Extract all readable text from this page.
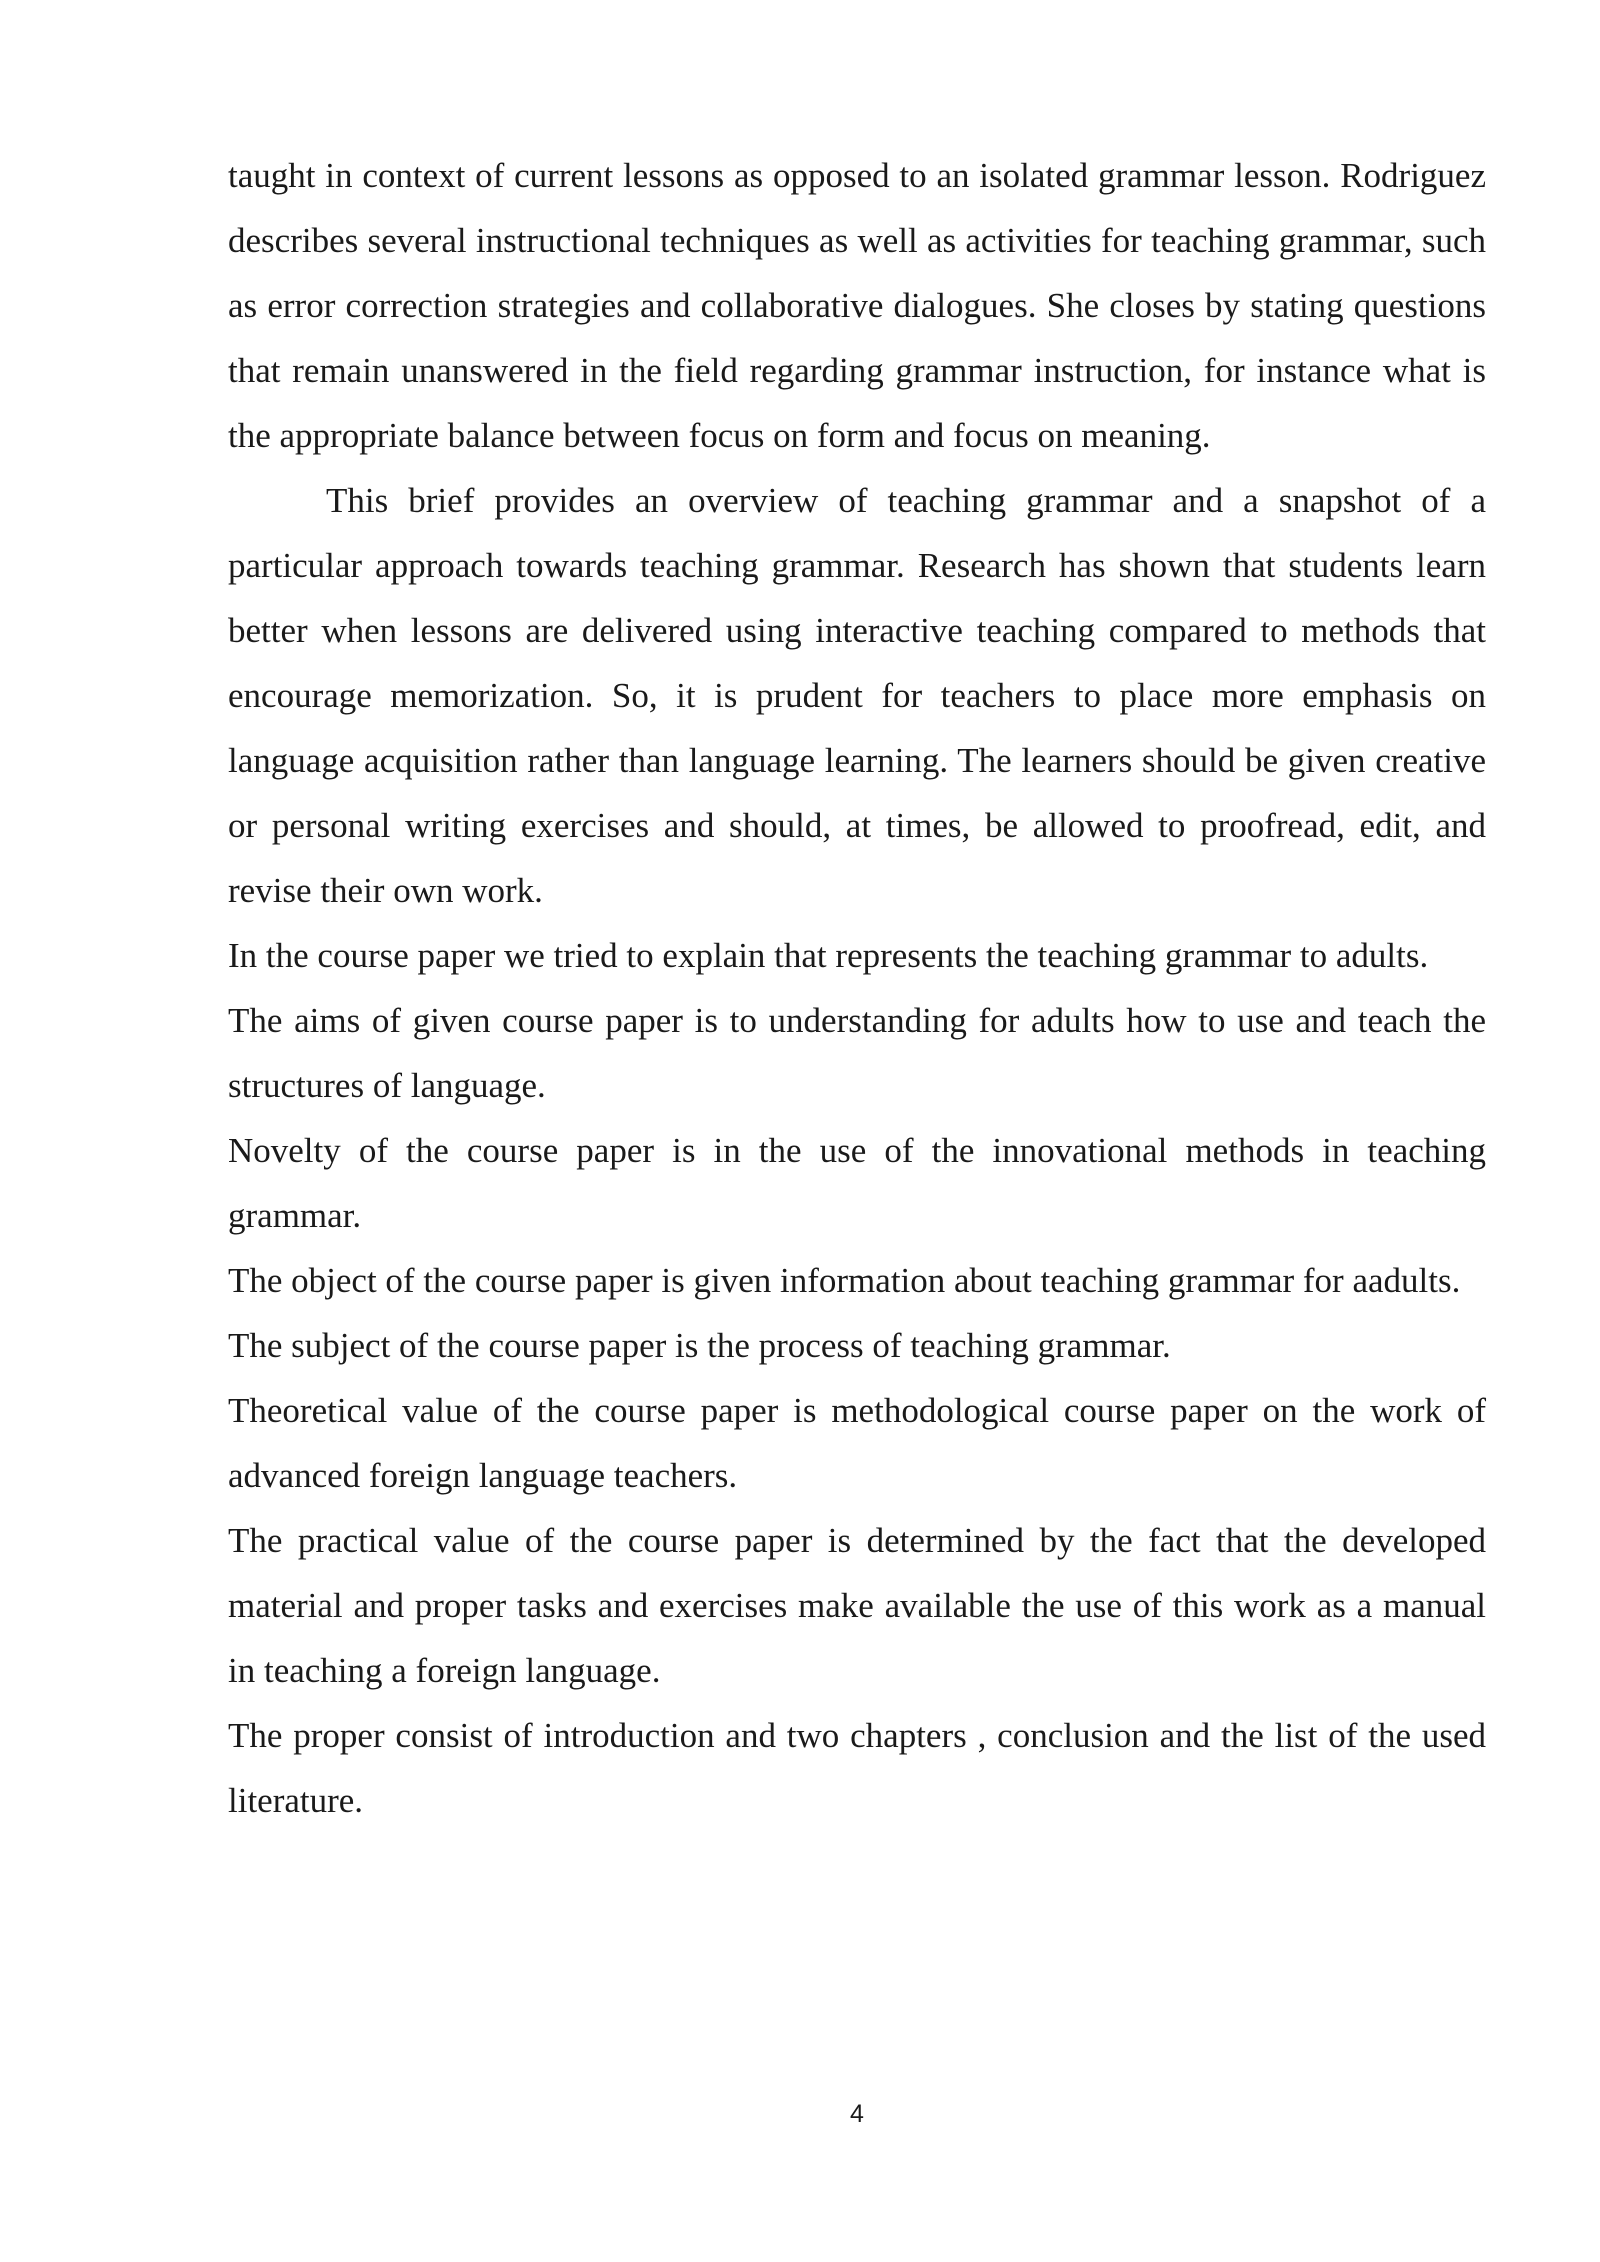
taught in context of current lessons as opposed to an isolated grammar lesson. Rodriguez describes several instructional techniques as well as activities for teaching grammar, such as error correction strategies and collaborative dialogues. She closes by stating questions that remain unanswered in the field regarding grammar instruction, for instance what is the appropriate balance between focus on form and focus on meaning.

This brief provides an overview of teaching grammar and a snapshot of a particular approach towards teaching grammar. Research has shown that students learn better when lessons are delivered using interactive teaching compared to methods that encourage memorization. So, it is prudent for teachers to place more emphasis on language acquisition rather than language learning. The learners should be given creative or personal writing exercises and should, at times, be allowed to proofread, edit, and revise their own work.

In the course paper we tried to explain that represents the teaching grammar to adults.

The aims of given course paper is to understanding for adults how to use and teach the structures of language.

Novelty of the course paper is in the use of the innovational methods in teaching grammar.

The object of the course paper is given information about teaching grammar for aadults.

The subject of the course paper is the process of teaching grammar.

Theoretical value of the course paper is methodological course paper on the work of advanced foreign language teachers.

The practical value of the course paper is determined by the fact that the developed material and proper tasks and exercises make available the use of this work as a manual in teaching a foreign language.

The proper consist of introduction and two chapters , conclusion and the list of the used literature.

4
